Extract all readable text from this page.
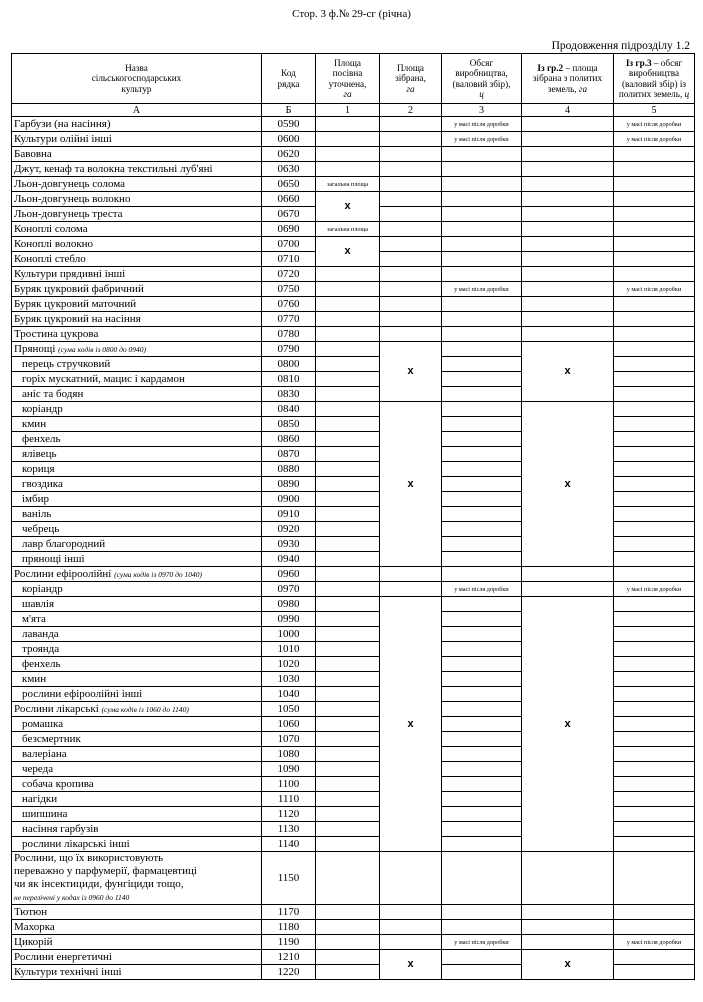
Стор. 3 ф.№ 29-сг (річна)
Продовження підрозділу 1.2
Назва
сільськогосподарських
культур	Код
рядка	Площа
посівна
уточнена,
га	Площа
зібрана,
га	Обсяг
виробництва,
(валовий збір),
ц	Із гр.2 – площа зібрана з политих земель, га	Із гр.3 – обсяг виробництва (валовий збір) із политих земель, ц
А	Б	1	2	3	4	5
Гарбузи (на насіння)	0590			у масі після доробки		у масі після доробки
Культури олійні інші	0600			у масі після доробки		у масі після доробки
Бавовна	0620					
Джут, кенаф та волокна текстильні луб'яні	0630					
Льон-довгунець солома	0650	загальна площа				
Льон-довгунець волокно	0660	x				
Льон-довгунець треста	0670					
Коноплі солома	0690	загальна площа				
Коноплі волокно	0700	x				
Коноплі стебло	0710					
Культури прядивні інші	0720					
Буряк цукровий фабричний	0750			у масі після доробки		у масі після доробки
Буряк цукровий маточний	0760					
Буряк цукровий на насіння	0770					
Тростина цукрова	0780					
Прянощі (сума кодів із 0800 до 0940)	0790		x		x	
перець стручковий	0800					
горіх мускатний, мацис і кардамон	0810					
аніс та бодян	0830					
коріандр	0840		x		x	
кмин	0850					
фенхель	0860					
ялівець	0870					
кориця	0880					
гвоздика	0890					
імбир	0900					
ваніль	0910					
чебрець	0920					
лавр благородний	0930					
прянощі інші	0940					
Рослини ефіроолійні (сума кодів із 0970 до 1040)	0960					
коріандр	0970			у масі після доробки		у масі після доробки
шавлія	0980		x		x	
м'ята	0990					
лаванда	1000					
троянда	1010					
фенхель	1020					
кмин	1030					
рослини ефіроолійні інші	1040					
Рослини лікарські (сума кодів із 1060 до 1140)	1050					
ромашка	1060					
безсмертник	1070					
валеріана	1080					
череда	1090					
собача кропива	1100					
нагідки	1110					
шипшина	1120					
насіння гарбузів	1130					
рослини лікарські інші	1140					
Рослини, що їх використовують
переважно у парфумерії, фармацевтиці
чи як інсектициди, фунгіциди тощо,
не перелічені у кодах із 0960 до 1140	1150					
Тютюн	1170					
Махорка	1180					
Цикорій	1190			у масі після доробки		у масі після доробки
Рослини енергетичні	1210		x		x	
Культури технічні інші	1220					
